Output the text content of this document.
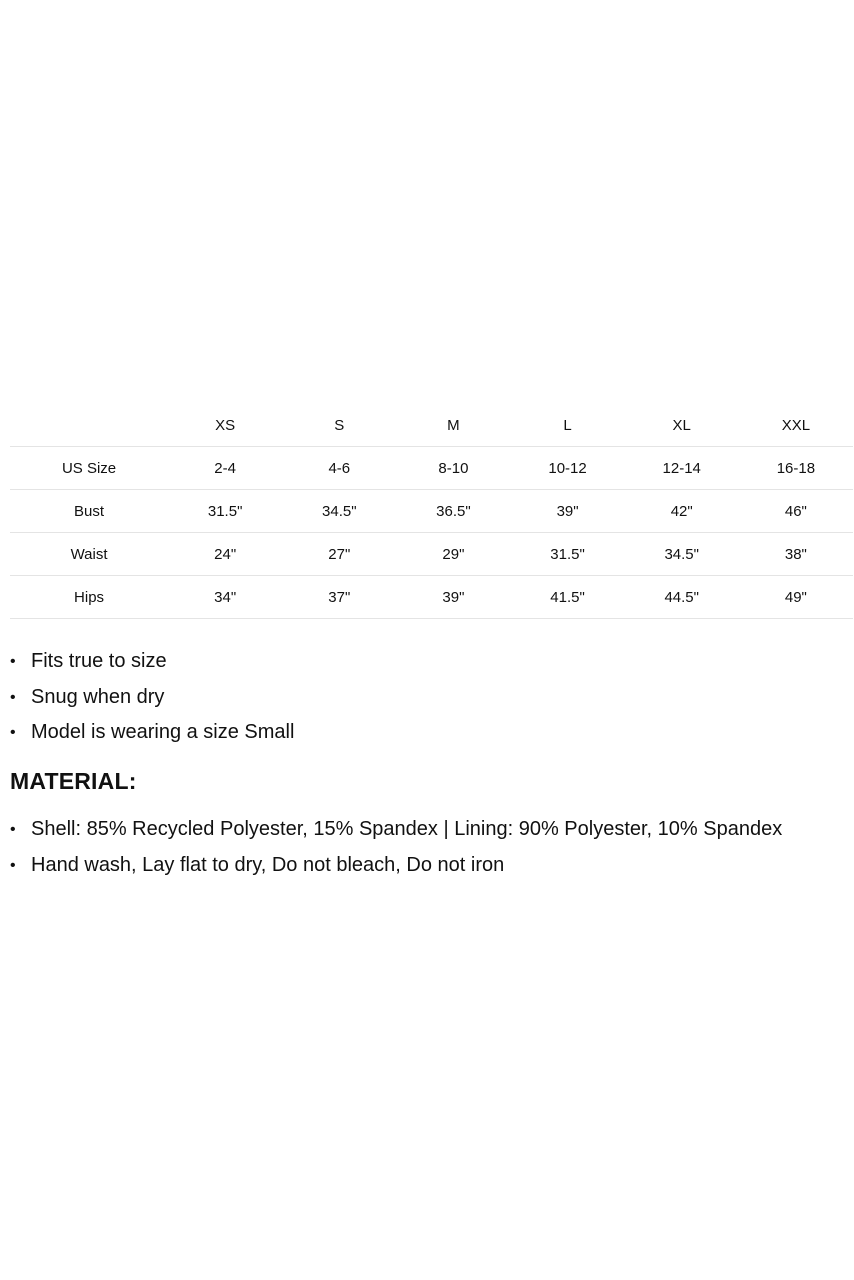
	XS	S	M	L	XL	XXL
US Size	2-4	4-6	8-10	10-12	12-14	16-18
Bust	31.5"	34.5"	36.5"	39"	42"	46"
Waist	24"	27"	29"	31.5"	34.5"	38"
Hips	34"	37"	39"	41.5"	44.5"	49"
• Fits true to size
• Snug when dry
• Model is wearing a size Small
MATERIAL:
• Shell: 85% Recycled Polyester, 15% Spandex | Lining: 90% Polyester, 10% Spandex
• Hand wash, Lay flat to dry, Do not bleach, Do not iron
